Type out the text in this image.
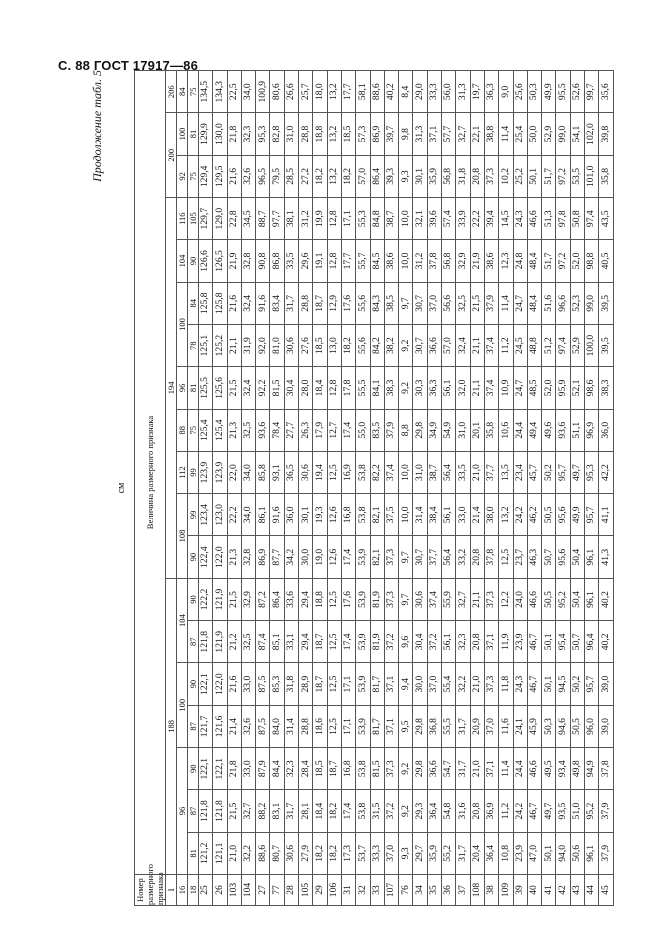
С. 88 ГОСТ 17917—86
Продолжение табл. 5
см
Номер размерного признака	Величина размерного признака																		
I	188							194									200		206
16	96			100		104		108		112	88	96	100		104	116	92	100	84
18	81	87	90	87	90	87	90	90	99	99	75	81	78	84	90	105	75	81	75
25	121,2	121,8	122,1	121,7	122,1	121,8	122,2	122,4	123,4	123,9	125,4	125,5	125,1	125,8	126,6	129,7	129,4	129,9	134,5
26	121,1	121,8	122,1	121,6	122,0	121,9	121,9	122,0	123,0	123,9	125,4	125,6	125,2	125,8	126,5	129,0	129,5	130,0	134,3
103	21,0	21,5	21,8	21,4	21,6	21,2	21,5	21,3	22,2	22,0	21,3	21,5	21,1	21,6	21,9	22,8	21,6	21,8	22,5
104	32,2	32,7	33,0	32,6	33,0	32,5	32,9	32,8	34,0	34,0	32,5	32,4	31,9	32,4	32,8	34,5	32,6	32,3	34,0
27	88,6	88,2	87,9	87,5	87,5	87,4	87,2	86,9	86,1	85,8	93,6	92,2	92,0	91,6	90,8	88,7	96,5	95,3	100,9
77	80,7	83,1	84,4	84,0	85,3	85,1	86,4	87,7	91,6	93,1	78,4	81,5	81,0	83,4	86,8	97,7	79,5	82,8	80,6
28	30,6	31,7	32,3	31,4	31,8	33,1	33,6	34,2	36,0	36,5	27,7	30,4	30,6	31,7	33,5	38,1	28,5	31,0	26,6
105	27,9	28,1	28,4	28,8	28,9	29,4	29,4	30,0	30,1	30,6	26,3	28,0	27,6	28,8	29,6	31,2	27,2	28,8	25,7
29	18,2	18,4	18,5	18,6	18,7	18,7	18,8	19,0	19,3	19,4	17,9	18,4	18,5	18,7	19,1	19,9	18,2	18,8	18,0
106	18,2	18,2	18,7	12,5	12,5	12,5	12,5	12,6	12,6	12,5	12,7	12,8	13,0	12,9	12,8	12,8	13,2	13,2	13,2
31	17,3	17,4	16,8	17,1	17,1	17,4	17,6	17,4	16,8	16,9	17,4	17,8	18,2	17,6	17,7	17,1	18,2	18,5	17,7
32	53,7	53,8	53,8	53,9	53,9	53,9	53,9	53,9	53,8	53,8	55,0	55,5	55,6	55,6	55,7	55,3	57,0	57,3	58,1
33	33,3	31,5	81,5	81,7	81,7	81,9	81,9	82,1	82,1	82,2	83,5	84,1	84,2	84,3	84,5	84,8	86,4	86,9	88,6
107	37,0	37,2	37,3	37,1	37,1	37,2	37,3	37,3	37,5	37,4	37,9	38,3	38,2	38,5	38,6	38,7	39,3	39,7	40,2
76	9,3	9,2	9,2	9,5	9,4	9,6	9,7	9,7	10,0	10,0	8,8	9,2	9,2	9,7	10,0	10,0	9,3	9,8	8,4
34	29,7	29,3	29,8	29,8	30,0	30,4	30,6	30,7	31,4	31,0	29,8	30,3	30,7	30,7	31,2	32,1	30,1	31,3	29,0
35	35,9	36,4	36,6	36,8	37,0	37,2	37,4	37,7	38,4	38,7	34,9	36,3	36,6	37,0	37,8	39,6	35,9	37,1	33,3
36	55,2	54,8	54,7	55,5	55,4	56,1	55,9	56,4	56,1	56,4	54,9	56,1	57,0	56,6	56,8	57,4	56,8	57,7	56,0
37	31,7	31,6	31,7	31,7	32,2	32,3	32,7	33,2	33,0	33,5	31,0	32,0	32,4	32,5	32,9	33,9	31,8	32,7	31,3
108	20,4	20,8	21,0	20,9	21,0	20,8	21,1	20,8	21,4	21,0	20,1	21,1	21,1	21,5	21,9	22,2	20,8	22,1	19,7
38	36,4	36,9	37,1	37,0	37,3	37,1	37,3	37,8	38,0	37,7	35,8	37,4	37,4	37,9	38,6	39,4	37,3	38,8	36,3
109	10,8	11,2	11,4	11,6	11,8	11,9	12,2	12,5	13,2	13,5	10,6	10,9	11,2	11,4	12,3	14,5	10,2	11,4	9,0
39	23,9	24,2	24,4	24,1	24,3	23,9	24,0	23,7	24,2	23,4	24,4	24,7	24,5	24,7	24,8	24,3	25,2	25,4	25,6
40	47,0	46,7	46,6	45,9	46,7	46,7	46,6	46,3	46,2	45,7	49,4	48,5	48,8	48,4	48,4	46,6	50,1	50,0	50,3
41	50,1	49,7	49,5	50,3	50,1	50,1	50,5	50,7	50,5	50,2	49,6	52,0	51,2	51,6	51,7	51,3	51,7	52,9	49,9
42	94,0	93,5	93,4	94,6	94,5	95,4	95,2	95,6	95,6	95,7	93,6	95,9	97,4	96,6	97,2	97,8	97,2	99,0	95,5
43	50,6	51,0	49,8	50,5	50,2	50,7	50,4	50,4	49,9	49,7	51,1	52,1	52,9	52,3	52,0	50,8	53,5	54,1	52,6
44	96,1	95,2	94,9	96,0	95,7	96,4	96,1	96,1	95,7	95,3	96,9	98,6	100,0	99,0	98,8	97,4	101,0	102,0	99,7
45	37,9	37,9	37,8	39,0	39,0	40,2	40,2	41,3	41,1	42,2	36,0	38,3	39,5	39,5	40,5	43,5	35,8	39,8	35,6
